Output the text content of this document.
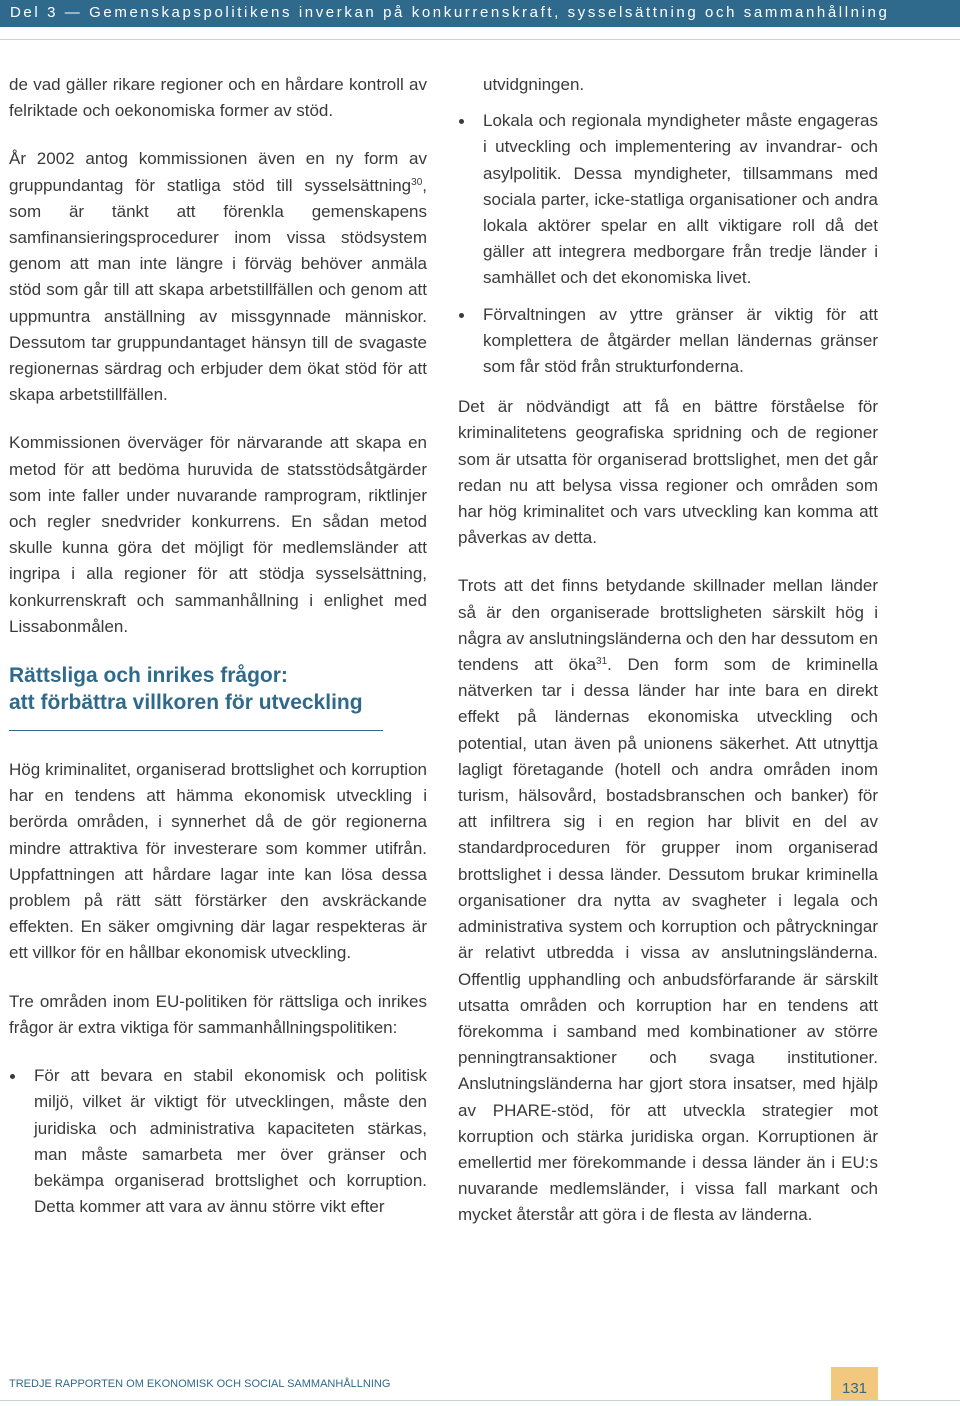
Del 3 — Gemenskapspolitikens inverkan på konkurrenskraft, sysselsättning och sammanhållning

de vad gäller rikare regioner och en hårdare kontroll av felriktade och oekonomiska former av stöd.

År 2002 antog kommissionen även en ny form av gruppundantag för statliga stöd till sysselsättning$^{30}$, som är tänkt att förenkla gemenskapens samfinansieringsprocedurer inom vissa stödsystem genom att man inte längre i förväg behöver anmäla stöd som går till att skapa arbetstillfällen och genom att uppmuntra anställning av missgynnade människor. Dessutom tar gruppundantaget hänsyn till de svagaste regionernas särdrag och erbjuder dem ökat stöd för att skapa arbetstillfällen.

Kommissionen överväger för närvarande att skapa en metod för att bedöma huruvida de statsstödsåtgärder som inte faller under nuvarande ramprogram, riktlinjer och regler snedvrider konkurrens. En sådan metod skulle kunna göra det möjligt för medlemsländer att ingripa i alla regioner för att stödja sysselsättning, konkurrenskraft och sammanhållning i enlighet med Lissabonmålen.

Rättsliga och inrikes frågor:
att förbättra villkoren för utveckling

Hög kriminalitet, organiserad brottslighet och korruption har en tendens att hämma ekonomisk utveckling i berörda områden, i synnerhet då de gör regionerna mindre attraktiva för investerare som kommer utifrån. Uppfattningen att hårdare lagar inte kan lösa dessa problem på rätt sätt förstärker den avskräckande effekten. En säker omgivning där lagar respekteras är ett villkor för en hållbar ekonomisk utveckling.

Tre områden inom EU-politiken för rättsliga och inrikes frågor är extra viktiga för sammanhållningspolitiken:

För att bevara en stabil ekonomisk och politisk miljö, vilket är viktigt för utvecklingen, måste den juridiska och administrativa kapaciteten stärkas, man måste samarbeta mer över gränser och bekämpa organiserad brottslighet och korruption. Detta kommer att vara av ännu större vikt efter

utvidgningen.

Lokala och regionala myndigheter måste engageras i utveckling och implementering av invandrar- och asylpolitik. Dessa myndigheter, tillsammans med sociala parter, icke-statliga organisationer och andra lokala aktörer spelar en allt viktigare roll då det gäller att integrera medborgare från tredje länder i samhället och det ekonomiska livet.
Förvaltningen av yttre gränser är viktig för att komplettera de åtgärder mellan ländernas gränser som får stöd från strukturfonderna.

Det är nödvändigt att få en bättre förståelse för kriminalitetens geografiska spridning och de regioner som är utsatta för organiserad brottslighet, men det går redan nu att belysa vissa regioner och områden som har hög kriminalitet och vars utveckling kan komma att påverkas av detta.

Trots att det finns betydande skillnader mellan länder så är den organiserade brottsligheten särskilt hög i några av anslutningsländerna och den har dessutom en tendens att öka$^{31}$. Den form som de kriminella nätverken tar i dessa länder har inte bara en direkt effekt på ländernas ekonomiska utveckling och potential, utan även på unionens säkerhet. Att utnyttja lagligt företagande (hotell och andra områden inom turism, hälsovård, bostadsbranschen och banker) för att infiltrera sig i en region har blivit en del av standardproceduren för grupper inom organiserad brottslighet i dessa länder. Dessutom brukar kriminella organisationer dra nytta av svagheter i legala och administrativa system och korruption och påtryckningar är relativt utbredda i vissa av anslutningsländerna. Offentlig upphandling och anbudsförfarande är särskilt utsatta områden och korruption har en tendens att förekomma i samband med kombinationer av större penningtransaktioner och svaga institutioner. Anslutningsländerna har gjort stora insatser, med hjälp av PHARE-stöd, för att utveckla strategier mot korruption och stärka juridiska organ. Korruptionen är emellertid mer förekommande i dessa länder än i EU:s nuvarande medlemsländer, i vissa fall markant och mycket återstår att göra i de flesta av länderna.

TREDJE RAPPORTEN OM EKONOMISK OCH SOCIAL SAMMANHÅLLNING	131
